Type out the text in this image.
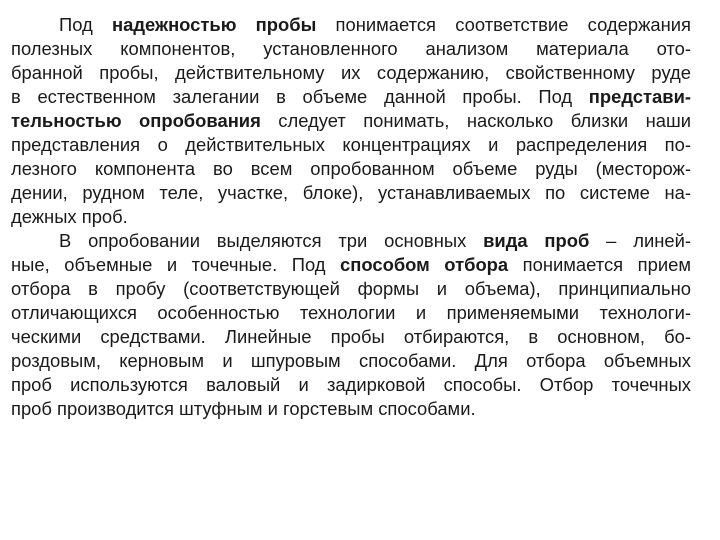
Под надежностью пробы понимается соответствие содержания
полезных компонентов, установленного анализом материала ото-
бранной пробы, действительному их содержанию, свойственному руде
в естественном залегании в объеме данной пробы. Под представи-
тельностью опробования следует понимать, насколько близки наши
представления о действительных концентрациях и распределения по-
лезного компонента во всем опробованном объеме руды (месторож-
дении, рудном теле, участке, блоке), устанавливаемых по системе на-
дежных проб.
В опробовании выделяются три основных вида проб – линей-
ные, объемные и точечные. Под способом отбора понимается прием
отбора в пробу (соответствующей формы и объема), принципиально
отличающихся особенностью технологии и применяемыми технологи-
ческими средствами. Линейные пробы отбираются, в основном, бо-
роздовым, керновым и шпуровым способами. Для отбора объемных
проб используются валовый и задирковой способы. Отбор точечных
проб производится штуфным и горстевым способами.
